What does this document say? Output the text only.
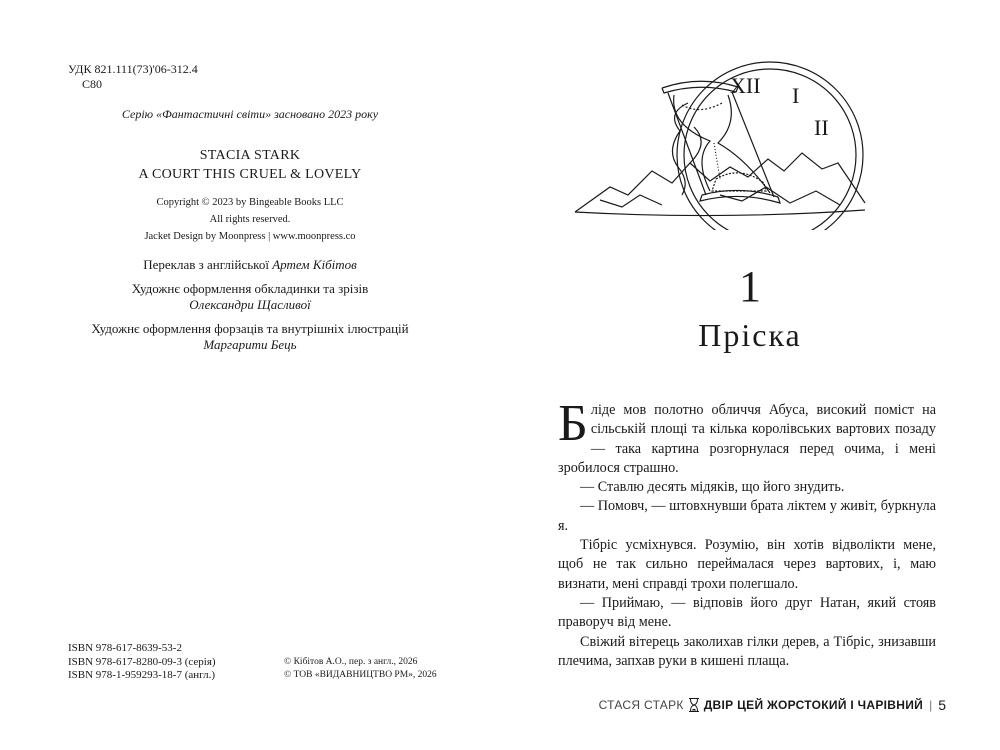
УДК 821.111(73)'06-312.4
С80
Серію «Фантастичні світи» засновано 2023 року
STACIA STARK
A COURT THIS CRUEL & LOVELY
Copyright © 2023 by Bingeable Books LLC
All rights reserved.
Jacket Design by Moonpress | www.moonpress.co
Переклав з англійської Артем Кібітов
Художнє оформлення обкладинки та зрізів
Олександри Щасливої
Художнє оформлення форзаців та внутрішніх ілюстрацій
Маргарити Бець
ISBN 978-617-8639-53-2
ISBN 978-617-8280-09-3 (серія)
ISBN 978-1-959293-18-7 (англ.)
© Кібітов А.О., пер. з англ., 2026
© ТОВ «ВИДАВНИЦТВО РМ», 2026
XII I
II
1
Пріска

Бліде мов полотно обличчя Абуса, високий поміст на сільській площі та кілька королівських вартових позаду — така картина розгорнулася перед очима, і мені зробилося страшно.

— Ставлю десять мідяків, що його знудить.

— Помовч, — штовхнувши брата ліктем у живіт, буркнула я.

Тібріс усміхнувся. Розумію, він хотів відволікти мене, щоб не так сильно переймалася через вартових, і, маю визнати, мені справді трохи полегшало.

— Приймаю, — відповів його друг Натан, який стояв праворуч від мене.

Свіжий вітерець заколихав гілки дерев, а Тібріс, знизавши плечима, запхав руки в кишені плаща.

СТАСЯ СТАРК ДВІР ЦЕЙ ЖОРСТОКИЙ І ЧАРІВНИЙ | 5
